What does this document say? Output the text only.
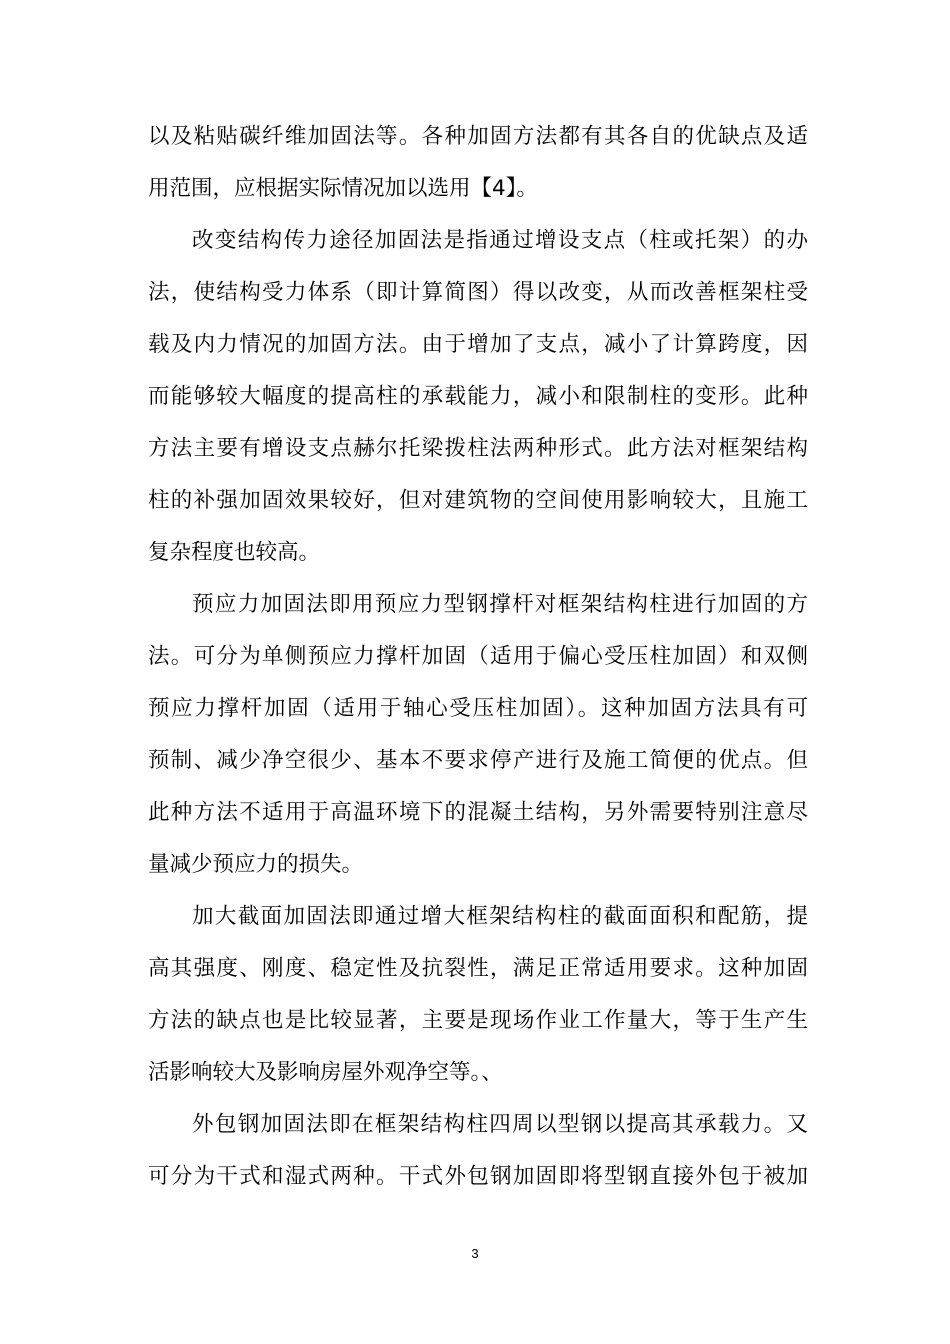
以及粘贴碳纤维加固法等。各种加固方法都有其各自的优缺点及适
用范围，应根据实际情况加以选用【4】。
改变结构传力途径加固法是指通过增设支点（柱或托架）的办
法，使结构受力体系（即计算简图）得以改变，从而改善框架柱受
载及内力情况的加固方法。由于增加了支点，减小了计算跨度，因
而能够较大幅度的提高柱的承载能力，减小和限制柱的变形。此种
方法主要有增设支点赫尔托梁拨柱法两种形式。此方法对框架结构
柱的补强加固效果较好，但对建筑物的空间使用影响较大，且施工
复杂程度也较高。
预应力加固法即用预应力型钢撑杆对框架结构柱进行加固的方
法。可分为单侧预应力撑杆加固（适用于偏心受压柱加固）和双侧
预应力撑杆加固（适用于轴心受压柱加固）。这种加固方法具有可
预制、减少净空很少、基本不要求停产进行及施工简便的优点。但
此种方法不适用于高温环境下的混凝土结构，另外需要特别注意尽
量减少预应力的损失。
加大截面加固法即通过增大框架结构柱的截面面积和配筋，提
高其强度、刚度、稳定性及抗裂性，满足正常适用要求。这种加固
方法的缺点也是比较显著，主要是现场作业工作量大，等于生产生
活影响较大及影响房屋外观净空等。、
外包钢加固法即在框架结构柱四周以型钢以提高其承载力。又
可分为干式和湿式两种。干式外包钢加固即将型钢直接外包于被加
3
